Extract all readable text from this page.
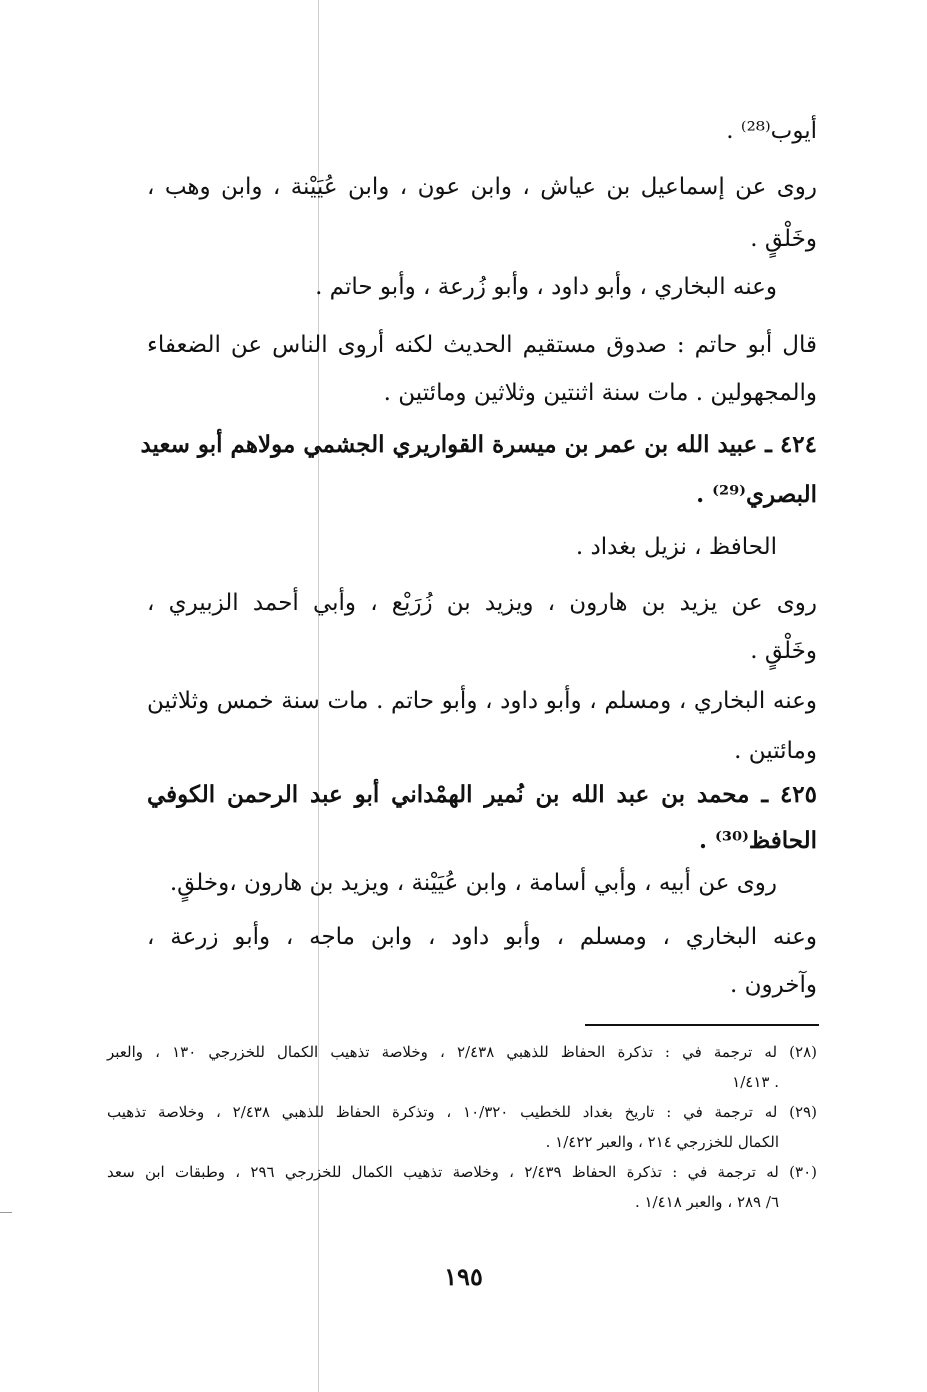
أيوب⁽²⁸⁾ .
روى عن إسماعيل بن عياش ، وابن عون ، وابن عُيَيْنة ، وابن وهب ،
وخَلْقٍ .
وعنه البخاري ، وأبو داود ، وأبو زُرعة ، وأبو حاتم .
قال أبو حاتم : صدوق مستقيم الحديث لكنه أروى الناس عن الضعفاء
والمجهولين . مات سنة اثنتين وثلاثين ومائتين .
٤٢٤ ـ عبيد الله بن عمر بن ميسرة القواريري الجشمي مولاهم أبو سعيد
البصري⁽²⁹⁾ .
الحافظ ، نزيل بغداد .
روى عن يزيد بن هارون ، ويزيد بن زُرَيْع ، وأبي أحمد الزبيري ،
وخَلْقٍ .
وعنه البخاري ، ومسلم ، وأبو داود ، وأبو حاتم . مات سنة خمس وثلاثين
ومائتين .
٤٢٥ ـ محمد بن عبد الله بن نُمير الهمْداني أبو عبد الرحمن الكوفي
الحافظ⁽³⁰⁾ .
روى عن أبيه ، وأبي أسامة ، وابن عُيَيْنة ، ويزيد بن هارون ،وخلقٍ.
وعنه البخاري ، ومسلم ، وأبو داود ، وابن ماجه ، وأبو زرعة ،
وآخرون .
(٢٨) له ترجمة في : تذكرة الحفاظ للذهبي ٢/٤٣٨ ، وخلاصة تذهيب الكمال للخزرجي ١٣٠ ، والعبر
١/٤١٣ .
(٢٩) له ترجمة في : تاريخ بغداد للخطيب ١٠/٣٢٠ ، وتذكرة الحفاظ للذهبي ٢/٤٣٨ ، وخلاصة تذهيب
الكمال للخزرجي ٢١٤ ، والعبر ١/٤٢٢ .
(٣٠) له ترجمة في : تذكرة الحفاظ ٢/٤٣٩ ، وخلاصة تذهيب الكمال للخزرجي ٢٩٦ ، وطبقات ابن سعد
٦/ ٢٨٩ ، والعبر ١/٤١٨ .
١٩٥
